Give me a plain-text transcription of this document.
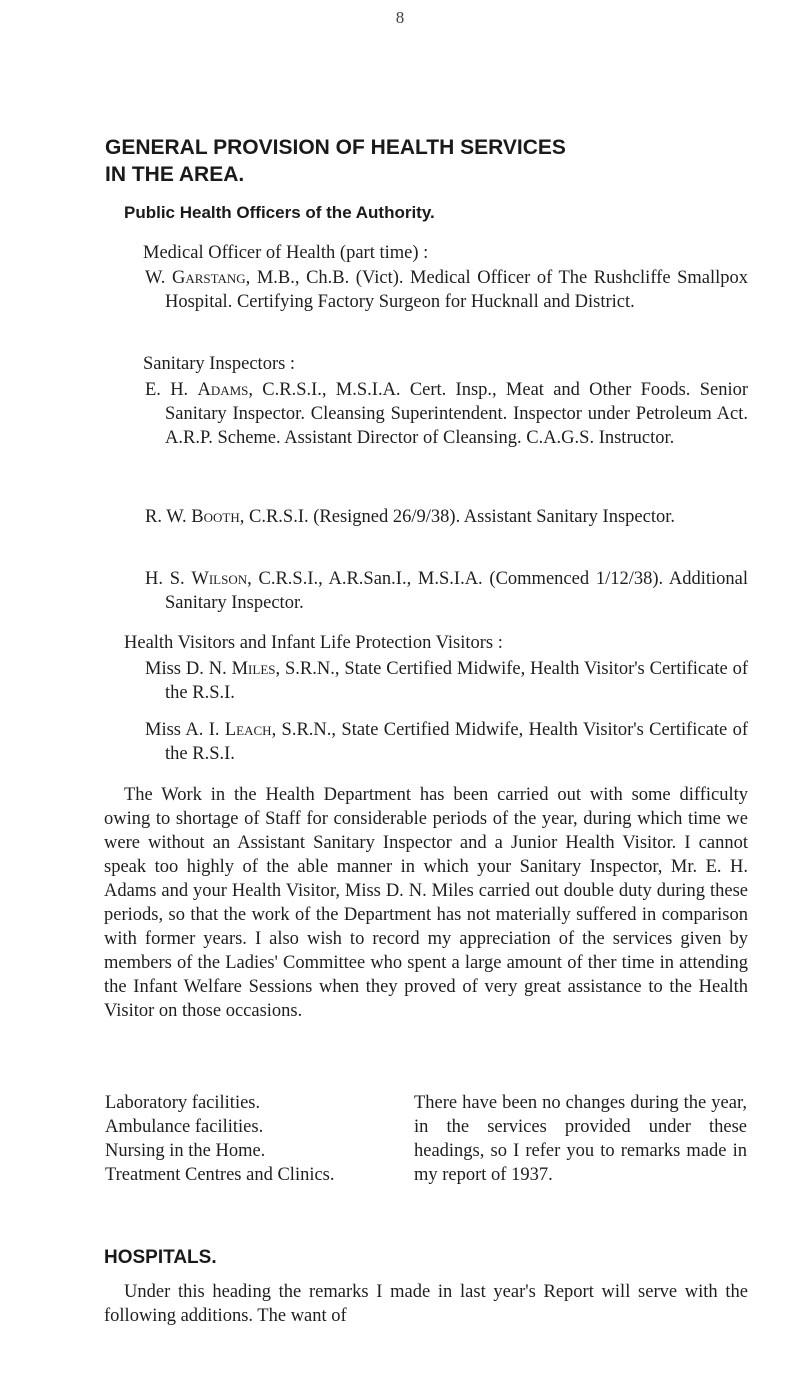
8
GENERAL PROVISION OF HEALTH SERVICES
IN THE AREA.
Public Health Officers of the Authority.

Medical Officer of Health (part time) :

W. Garstang, M.B., Ch.B. (Vict). Medical Officer of The Rushcliffe Smallpox Hospital. Certifying Factory Surgeon for Hucknall and District.

Sanitary Inspectors :

E. H. Adams, C.R.S.I., M.S.I.A. Cert. Insp., Meat and Other Foods. Senior Sanitary Inspector. Cleansing Superintendent. Inspector under Petroleum Act. A.R.P. Scheme. Assistant Director of Cleansing. C.A.G.S. Instructor.

R. W. Booth, C.R.S.I. (Resigned 26/9/38). Assistant Sanitary Inspector.

H. S. Wilson, C.R.S.I., A.R.San.I., M.S.I.A. (Commenced 1/12/38). Additional Sanitary Inspector.

Health Visitors and Infant Life Protection Visitors :

Miss D. N. Miles, S.R.N., State Certified Midwife, Health Visitor's Certificate of the R.S.I.

Miss A. I. Leach, S.R.N., State Certified Midwife, Health Visitor's Certificate of the R.S.I.

The Work in the Health Department has been carried out with some difficulty owing to shortage of Staff for considerable periods of the year, during which time we were without an Assistant Sanitary Inspector and a Junior Health Visitor. I cannot speak too highly of the able manner in which your Sanitary Inspector, Mr. E. H. Adams and your Health Visitor, Miss D. N. Miles carried out double duty during these periods, so that the work of the Department has not materially suffered in comparison with former years. I also wish to record my appreciation of the services given by members of the Ladies' Committee who spent a large amount of ther time in attending the Infant Welfare Sessions when they proved of very great assistance to the Health Visitor on those occasions.

Laboratory facilities.
Ambulance facilities.
Nursing in the Home.
Treatment Centres and Clinics.
There have been no changes during the year, in the services provided under these headings, so I refer you to remarks made in my report of 1937.
HOSPITALS.

Under this heading the remarks I made in last year's Report will serve with the following additions. The want of
